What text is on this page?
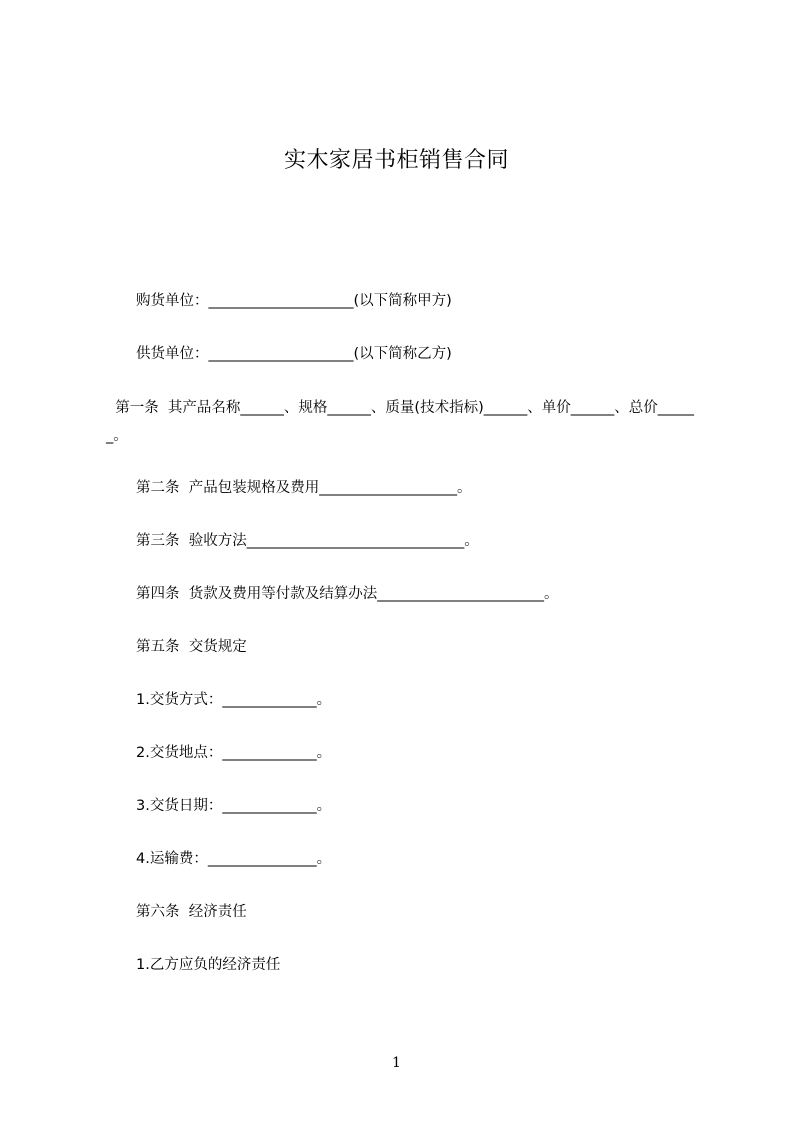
实木家居书柜销售合同
购货单位：____________________(以下简称甲方)
供货单位：____________________(以下简称乙方)
第一条  其产品名称______、规格______、质量(技术指标)______、单价______、总价______。
第二条  产品包装规格及费用___________________。
第三条  验收方法______________________________。
第四条  货款及费用等付款及结算办法_______________________。
第五条  交货规定
1.交货方式：_____________。
2.交货地点：_____________。
3.交货日期：_____________。
4.运输费：_______________。
第六条  经济责任
1.乙方应负的经济责任
1
